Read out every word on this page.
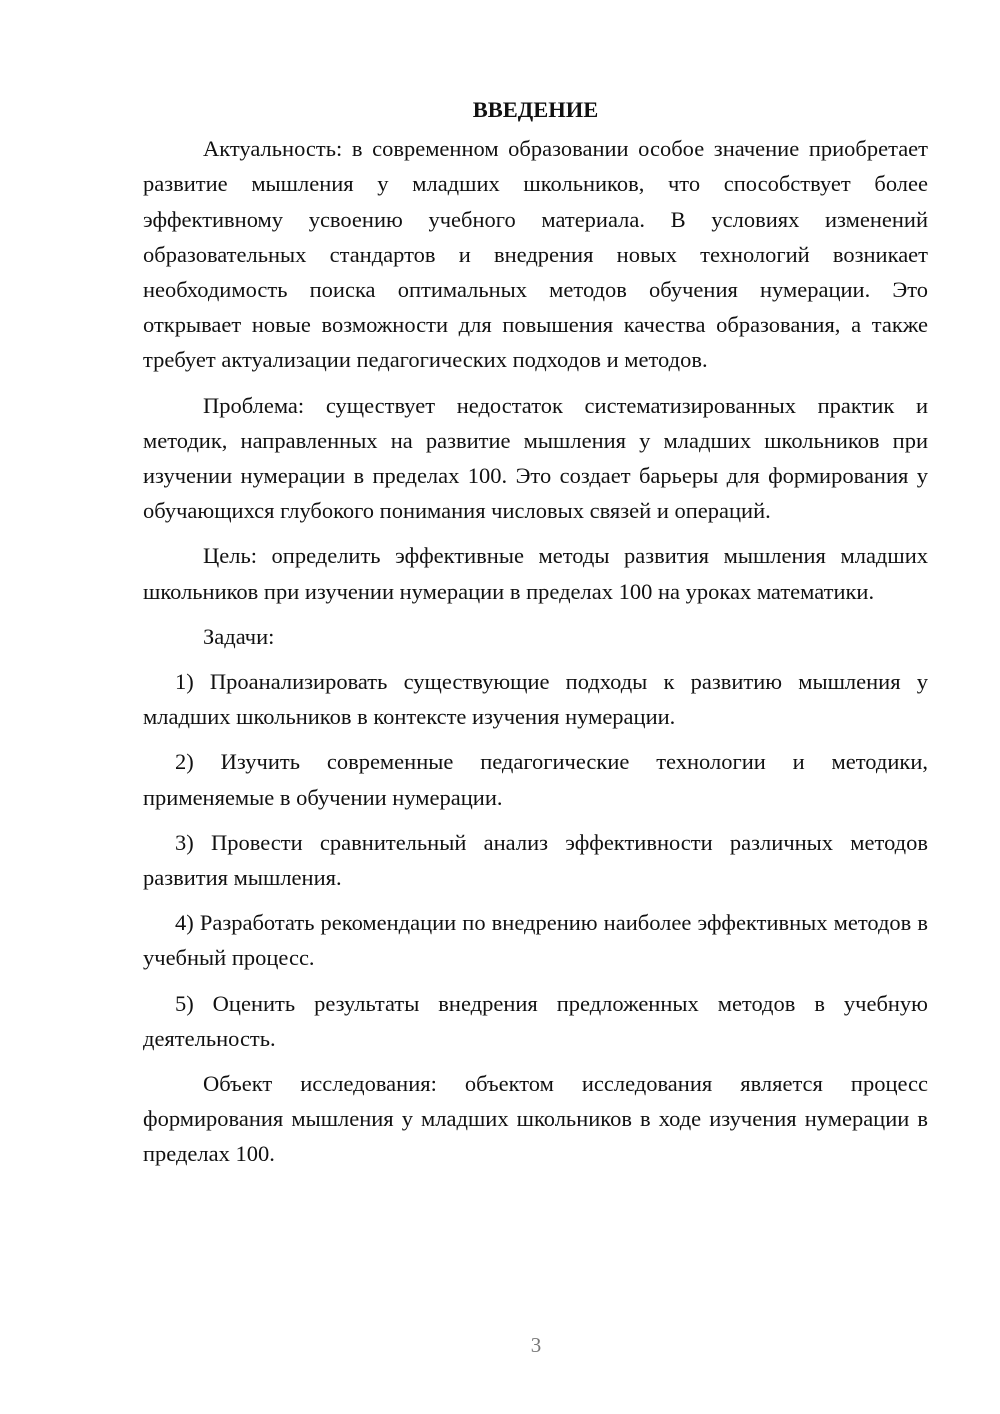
ВВЕДЕНИЕ

Актуальность: в современном образовании особое значение приобретает развитие мышления у младших школьников, что способствует более эффективному усвоению учебного материала. В условиях изменений образовательных стандартов и внедрения новых технологий возникает необходимость поиска оптимальных методов обучения нумерации. Это открывает новые возможности для повышения качества образования, а также требует актуализации педагогических подходов и методов.

Проблема: существует недостаток систематизированных практик и методик, направленных на развитие мышления у младших школьников при изучении нумерации в пределах 100. Это создает барьеры для формирования у обучающихся глубокого понимания числовых связей и операций.

Цель: определить эффективные методы развития мышления младших школьников при изучении нумерации в пределах 100 на уроках математики.

Задачи:

1) Проанализировать существующие подходы к развитию мышления у младших школьников в контексте изучения нумерации.

2) Изучить современные педагогические технологии и методики, применяемые в обучении нумерации.

3) Провести сравнительный анализ эффективности различных методов развития мышления.

4) Разработать рекомендации по внедрению наиболее эффективных методов в учебный процесс.

5) Оценить результаты внедрения предложенных методов в учебную деятельность.

Объект исследования: объектом исследования является процесс формирования мышления у младших школьников в ходе изучения нумерации в пределах 100.

3
